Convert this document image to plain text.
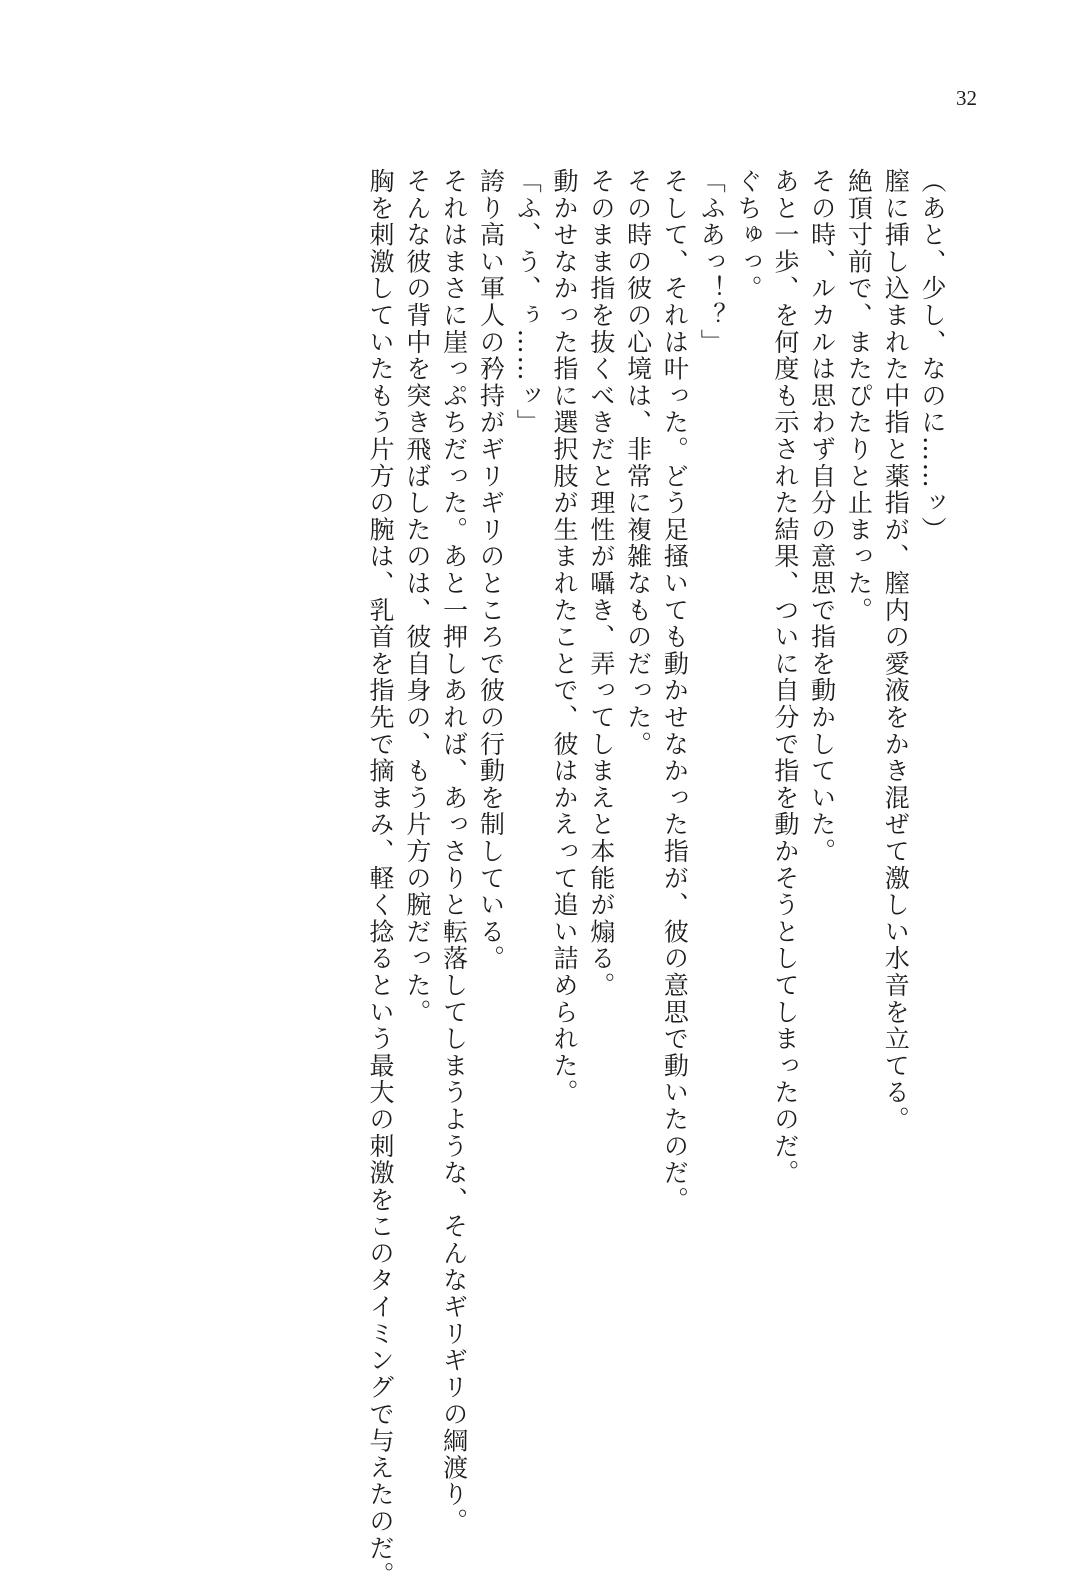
32

（あと、少し、なのに……ッ）

膣に挿し込まれた中指と薬指が、膣内の愛液をかき混ぜて激しい水音を立てる。

絶頂寸前で、またぴたりと止まった。

その時、ルカルは思わず自分の意思で指を動かしていた。

あと一歩、を何度も示された結果、ついに自分で指を動かそうとしてしまったのだ。

ぐちゅっ。

「ふあっ！？」

そして、それは叶った。どう足掻いても動かせなかった指が、彼の意思で動いたのだ。

その時の彼の心境は、非常に複雑なものだった。

そのまま指を抜くべきだと理性が囁き、弄ってしまえと本能が煽る。

動かせなかった指に選択肢が生まれたことで、彼はかえって追い詰められた。

「ふ、う、ぅ……ッ」

誇り高い軍人の矜持がギリギリのところで彼の行動を制している。

それはまさに崖っぷちだった。あと一押しあれば、あっさりと転落してしまうような、そんなギリギリの綱渡り。

そんな彼の背中を突き飛ばしたのは、彼自身の、もう片方の腕だった。

胸を刺激していたもう片方の腕は、乳首を指先で摘まみ、軽く捻るという最大の刺激をこのタイミングで与えたのだ。
